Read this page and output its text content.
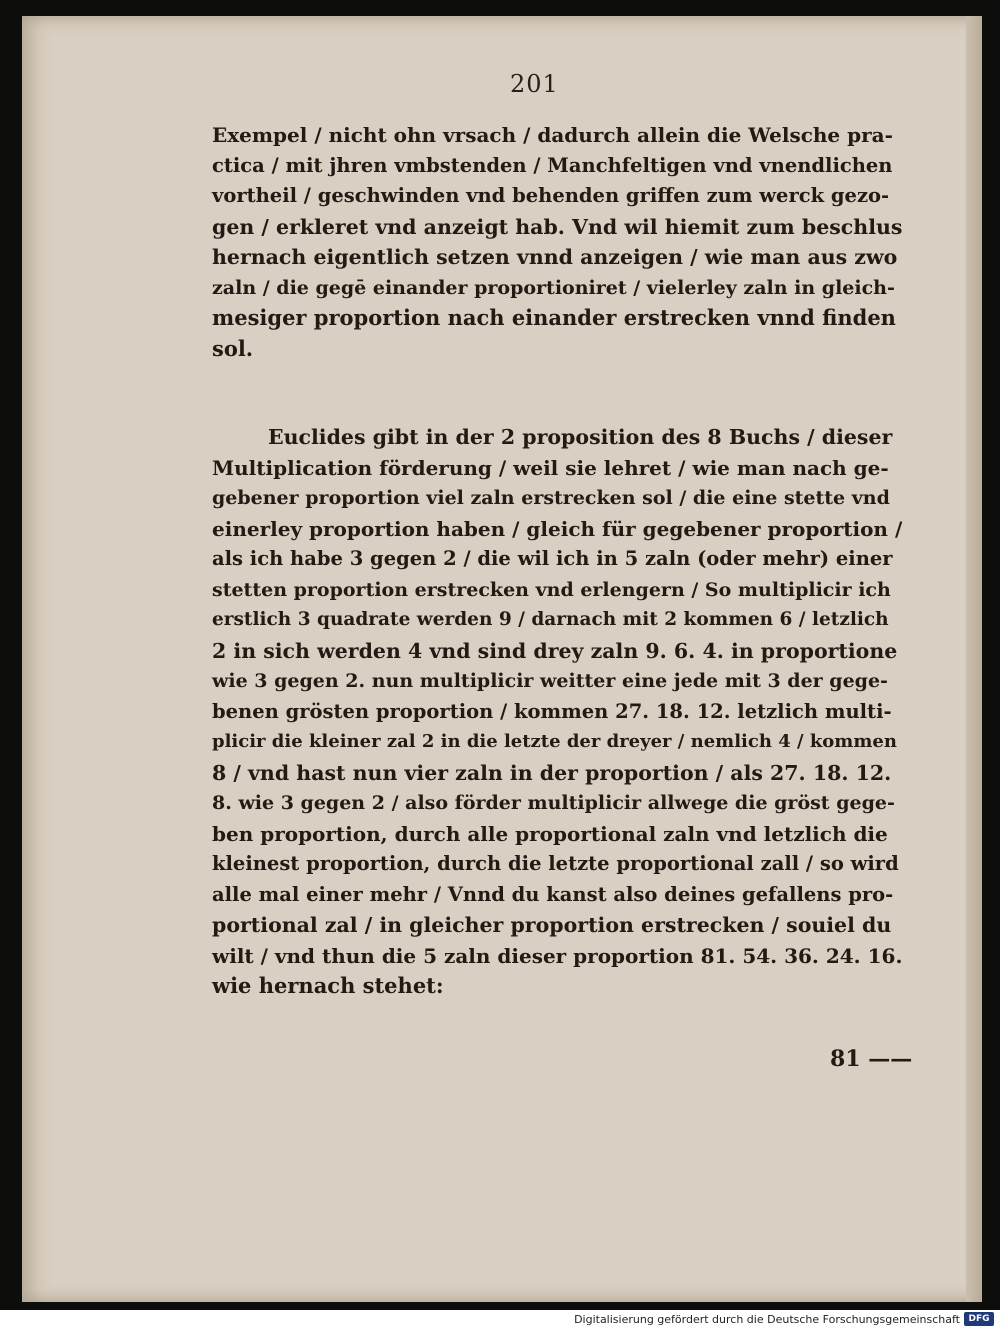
201
Exempel / nicht ohn vrsach / dadurch allein die Welsche pra-
ctica / mit jhren vmbstenden / Manchfeltigen vnd vnendlichen
vortheil / geschwinden vnd behenden griffen zum werck gezo-
gen / erkleret vnd anzeigt hab. Vnd wil hiemit zum beschlus
hernach eigentlich setzen vnnd anzeigen / wie man aus zwo
zaln / die gegē einander proportioniret / vielerley zaln in gleich-
mesiger proportion nach einander erstrecken vnnd finden
sol.
Euclides gibt in der 2 proposition des 8 Buchs / dieser
Multiplication förderung / weil sie lehret / wie man nach ge-
gebener proportion viel zaln erstrecken sol / die eine stette vnd
einerley proportion haben / gleich für gegebener proportion /
als ich habe 3 gegen 2 / die wil ich in 5 zaln (oder mehr) einer
stetten proportion erstrecken vnd erlengern / So multiplicir ich
erstlich 3 quadrate werden 9 / darnach mit 2 kommen 6 / letzlich
2 in sich werden 4 vnd sind drey zaln 9. 6. 4. in proportione
wie 3 gegen 2. nun multiplicir weitter eine jede mit 3 der gege-
benen grösten proportion / kommen 27. 18. 12. letzlich multi-
plicir die kleiner zal 2 in die letzte der dreyer / nemlich 4 / kommen
8 / vnd hast nun vier zaln in der proportion / als 27. 18. 12.
8. wie 3 gegen 2 / also förder multiplicir allwege die gröst gege-
ben proportion, durch alle proportional zaln vnd letzlich die
kleinest proportion, durch die letzte proportional zall / so wird
alle mal einer mehr / Vnnd du kanst also deines gefallens pro-
portional zal / in gleicher proportion erstrecken / souiel du
wilt / vnd thun die 5 zaln dieser proportion 81. 54. 36. 24. 16.
wie hernach stehet:
81 ——
Digitalisierung gefördert durch die Deutsche Forschungsgemeinschaft DFG
